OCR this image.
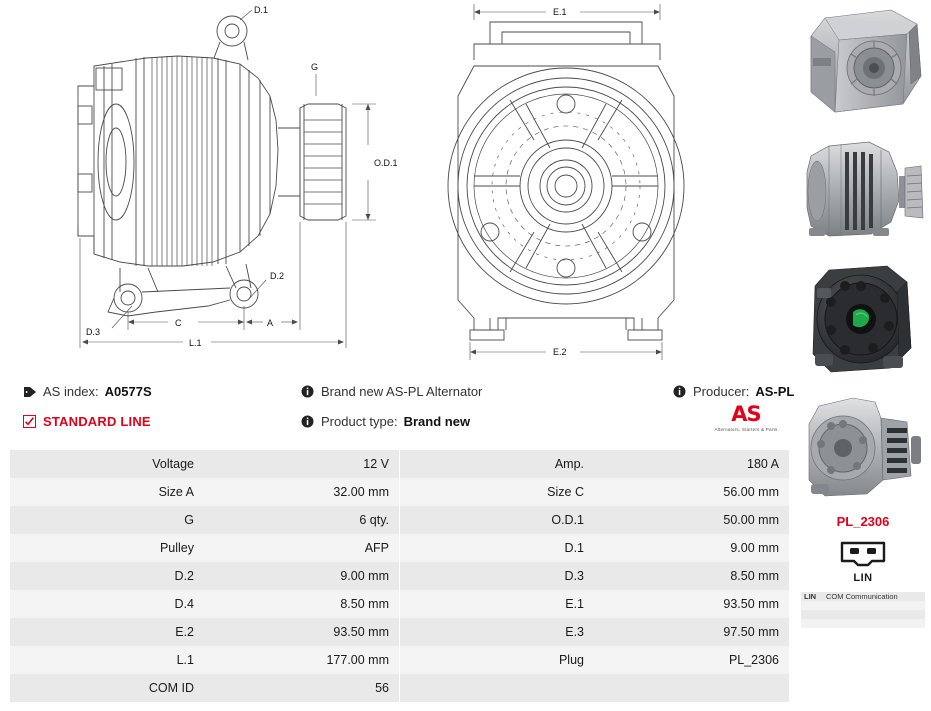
D.1
G
D.3
D.2
O.D.1
C	A
L.1
E.1
E.2
AS index: A0577S
STANDARD LINE
Brand new AS-PL Alternator
Product type: Brand new
Producer: AS-PL
AS
Alternators, Starters & Parts
Voltage	12 V		Amp.	180 A
Size A	32.00 mm		Size C	56.00 mm
G	6 qty.		O.D.1	50.00 mm
Pulley	AFP		D.1	9.00 mm
D.2	9.00 mm		D.3	8.50 mm
D.4	8.50 mm		E.1	93.50 mm
E.2	93.50 mm		E.3	97.50 mm
L.1	177.00 mm		Plug	PL_2306
COM ID	56			
PL_2306
LIN
LIN	COM Communication
